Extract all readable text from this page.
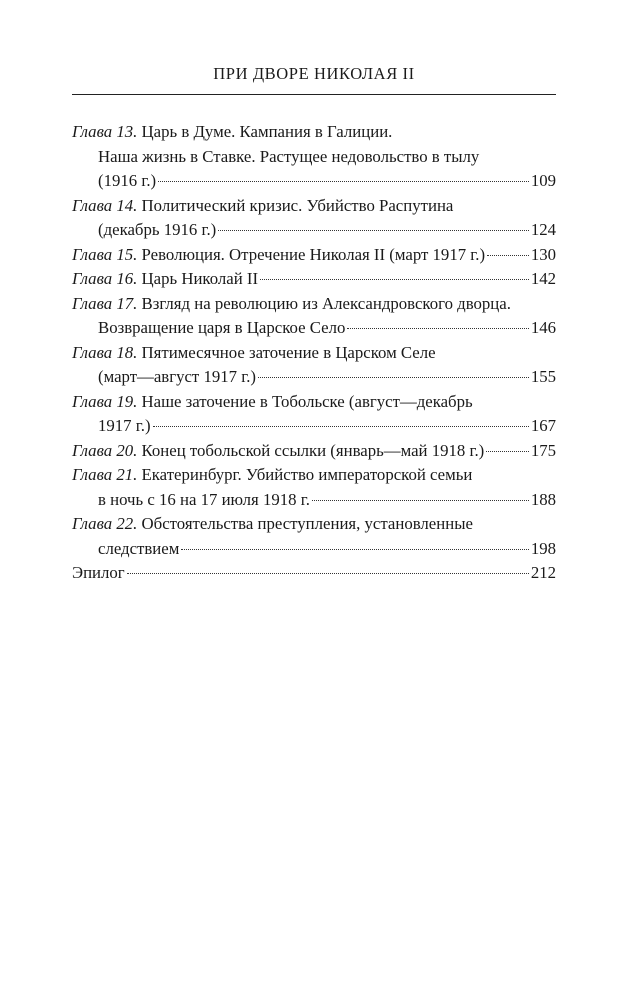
ПРИ ДВОРЕ НИКОЛАЯ II
Глава 13. Царь в Думе. Кампания в Галиции.
Наша жизнь в Ставке. Растущее недовольство в тылу
(1916 г.)	109
Глава 14. Политический кризис. Убийство Распутина
(декабрь 1916 г.)	124
Глава 15. Революция. Отречение Николая II (март 1917 г.)	130
Глава 16. Царь Николай II	142
Глава 17. Взгляд на революцию из Александровского дворца.
Возвращение царя в Царское Село	146
Глава 18. Пятимесячное заточение в Царском Селе
(март—август 1917 г.)	155
Глава 19. Наше заточение в Тобольске (август—декабрь
1917 г.)	167
Глава 20. Конец тобольской ссылки (январь—май 1918 г.)	175
Глава 21. Екатеринбург. Убийство императорской семьи
в ночь с 16 на 17 июля 1918 г.	188
Глава 22. Обстоятельства преступления, установленные
следствием	198
Эпилог	212
